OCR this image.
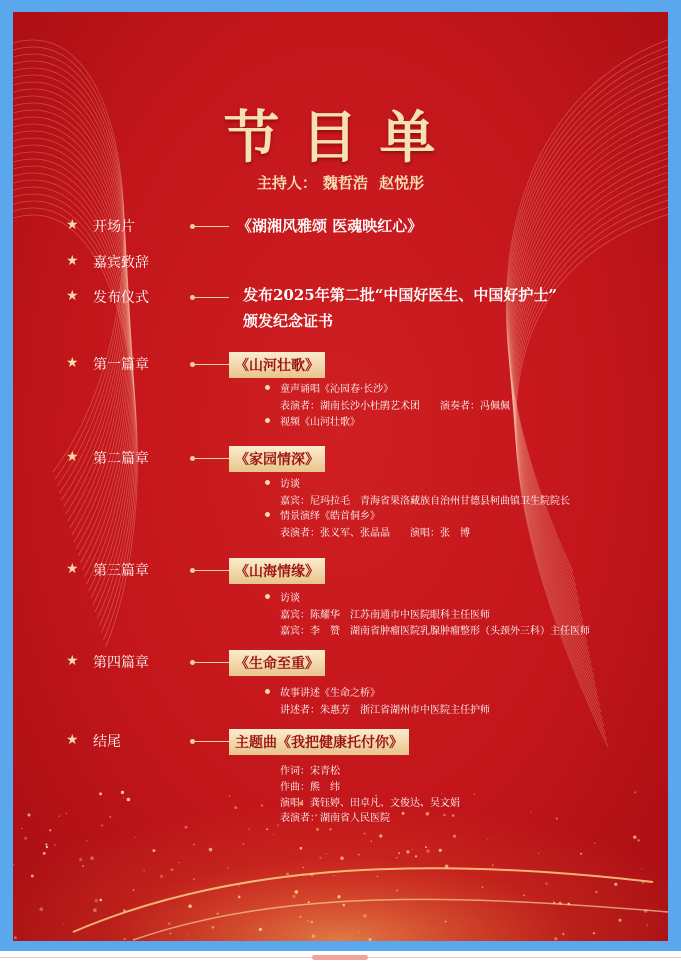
节目单
主持人： 魏哲浩 赵悦彤
★ 开场片	《湖湘风雅颂 医魂映红心》
★ 嘉宾致辞
★ 发布仪式	发布2025年第二批“中国好医生、中国好护士”
颁发纪念证书
★ 第一篇章	《山河壮歌》
童声诵唱《沁园春·长沙》
表演者：湖南长沙小杜鹃艺术团　　演奏者：冯佩佩
视频《山河壮歌》
★ 第二篇章	《家园情深》
访谈
嘉宾：尼玛拉毛　青海省果洛藏族自治州甘德县柯曲镇卫生院院长
情景演绎《皓首侗乡》
表演者：张义军、张晶晶　　演唱：张　博
★ 第三篇章	《山海情缘》
访谈
嘉宾：陈耀华　江苏南通市中医院眼科主任医师
嘉宾：李　赞　湖南省肿瘤医院乳腺肿瘤整形（头颈外三科）主任医师
★ 第四篇章	《生命至重》
故事讲述《生命之桥》
讲述者：朱惠芳　浙江省湖州市中医院主任护师
★ 结尾	主题曲《我把健康托付你》
作词：宋青松
作曲：熊　纬
演唱：龚钰婷、田卓凡、文俊达、吴文娟
表演者：湖南省人民医院
